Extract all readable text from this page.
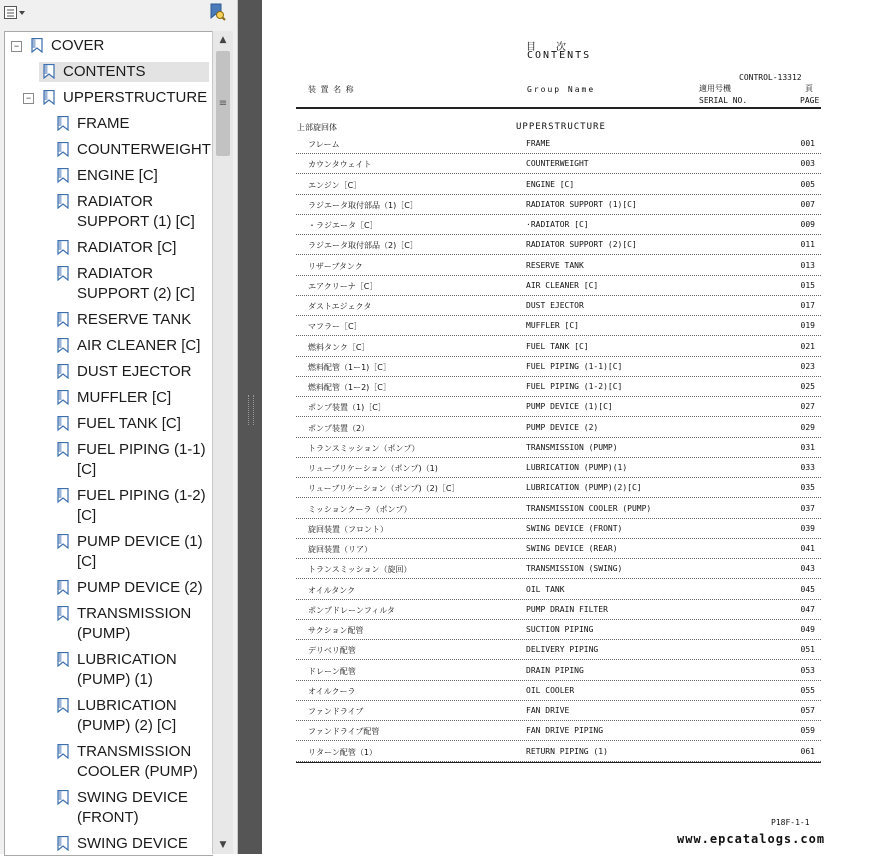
COVER
−
CONTENTS
UPPERSTRUCTURE
−
FRAME
COUNTERWEIGHT
ENGINE [C]
RADIATOR SUPPORT (1) [C]
RADIATOR [C]
RADIATOR SUPPORT (2) [C]
RESERVE TANK
AIR CLEANER [C]
DUST EJECTOR
MUFFLER [C]
FUEL TANK [C]
FUEL PIPING (1-1) [C]
FUEL PIPING (1-2) [C]
PUMP DEVICE (1) [C]
PUMP DEVICE (2)
TRANSMISSION (PUMP)
LUBRICATION (PUMP) (1)
LUBRICATION (PUMP) (2) [C]
TRANSMISSION COOLER (PUMP)
SWING DEVICE (FRONT)
SWING DEVICE
▲
≡
▼
目　　次
CONTENTS
CONTROL-13312
装 置 名 称	Group Name	適用号機
SERIAL NO.
頁
PAGE
上部旋回体	UPPERSTRUCTURE
フレーム	FRAME	001
カウンタウェイト	COUNTERWEIGHT	003
エンジン［C］	ENGINE [C]	005
ラジエータ取付部品（1)［C］	RADIATOR SUPPORT (1)[C]	007
・ラジエータ［C］	·RADIATOR [C]	009
ラジエータ取付部品（2)［C］	RADIATOR SUPPORT (2)[C]	011
リザーブタンク	RESERVE TANK	013
エアクリーナ［C］	AIR CLEANER [C]	015
ダストエジェクタ	DUST EJECTOR	017
マフラー［C］	MUFFLER [C]	019
燃料タンク［C］	FUEL TANK [C]	021
燃料配管（1ー1)［C］	FUEL PIPING (1-1)[C]	023
燃料配管（1ー2)［C］	FUEL PIPING (1-2)[C]	025
ポンプ装置（1)［C］	PUMP DEVICE (1)[C]	027
ポンプ装置（2）	PUMP DEVICE (2)	029
トランスミッション（ポンプ）	TRANSMISSION (PUMP)	031
リューブリケーション（ポンプ)（1)	LUBRICATION (PUMP)(1)	033
リューブリケーション（ポンプ)（2)［C］	LUBRICATION (PUMP)(2)[C]	035
ミッションクーラ（ポンプ）	TRANSMISSION COOLER (PUMP)	037
旋回装置（フロント）	SWING DEVICE (FRONT)	039
旋回装置（リア）	SWING DEVICE (REAR)	041
トランスミッション（旋回）	TRANSMISSION (SWING)	043
オイルタンク	OIL TANK	045
ポンプドレーンフィルタ	PUMP DRAIN FILTER	047
サクション配管	SUCTION PIPING	049
デリベリ配管	DELIVERY PIPING	051
ドレーン配管	DRAIN PIPING	053
オイルクーラ	OIL COOLER	055
ファンドライブ	FAN DRIVE	057
ファンドライブ配管	FAN DRIVE PIPING	059
リターン配管（1）	RETURN PIPING (1)	061
P18F-1-1
www.epcatalogs.com
